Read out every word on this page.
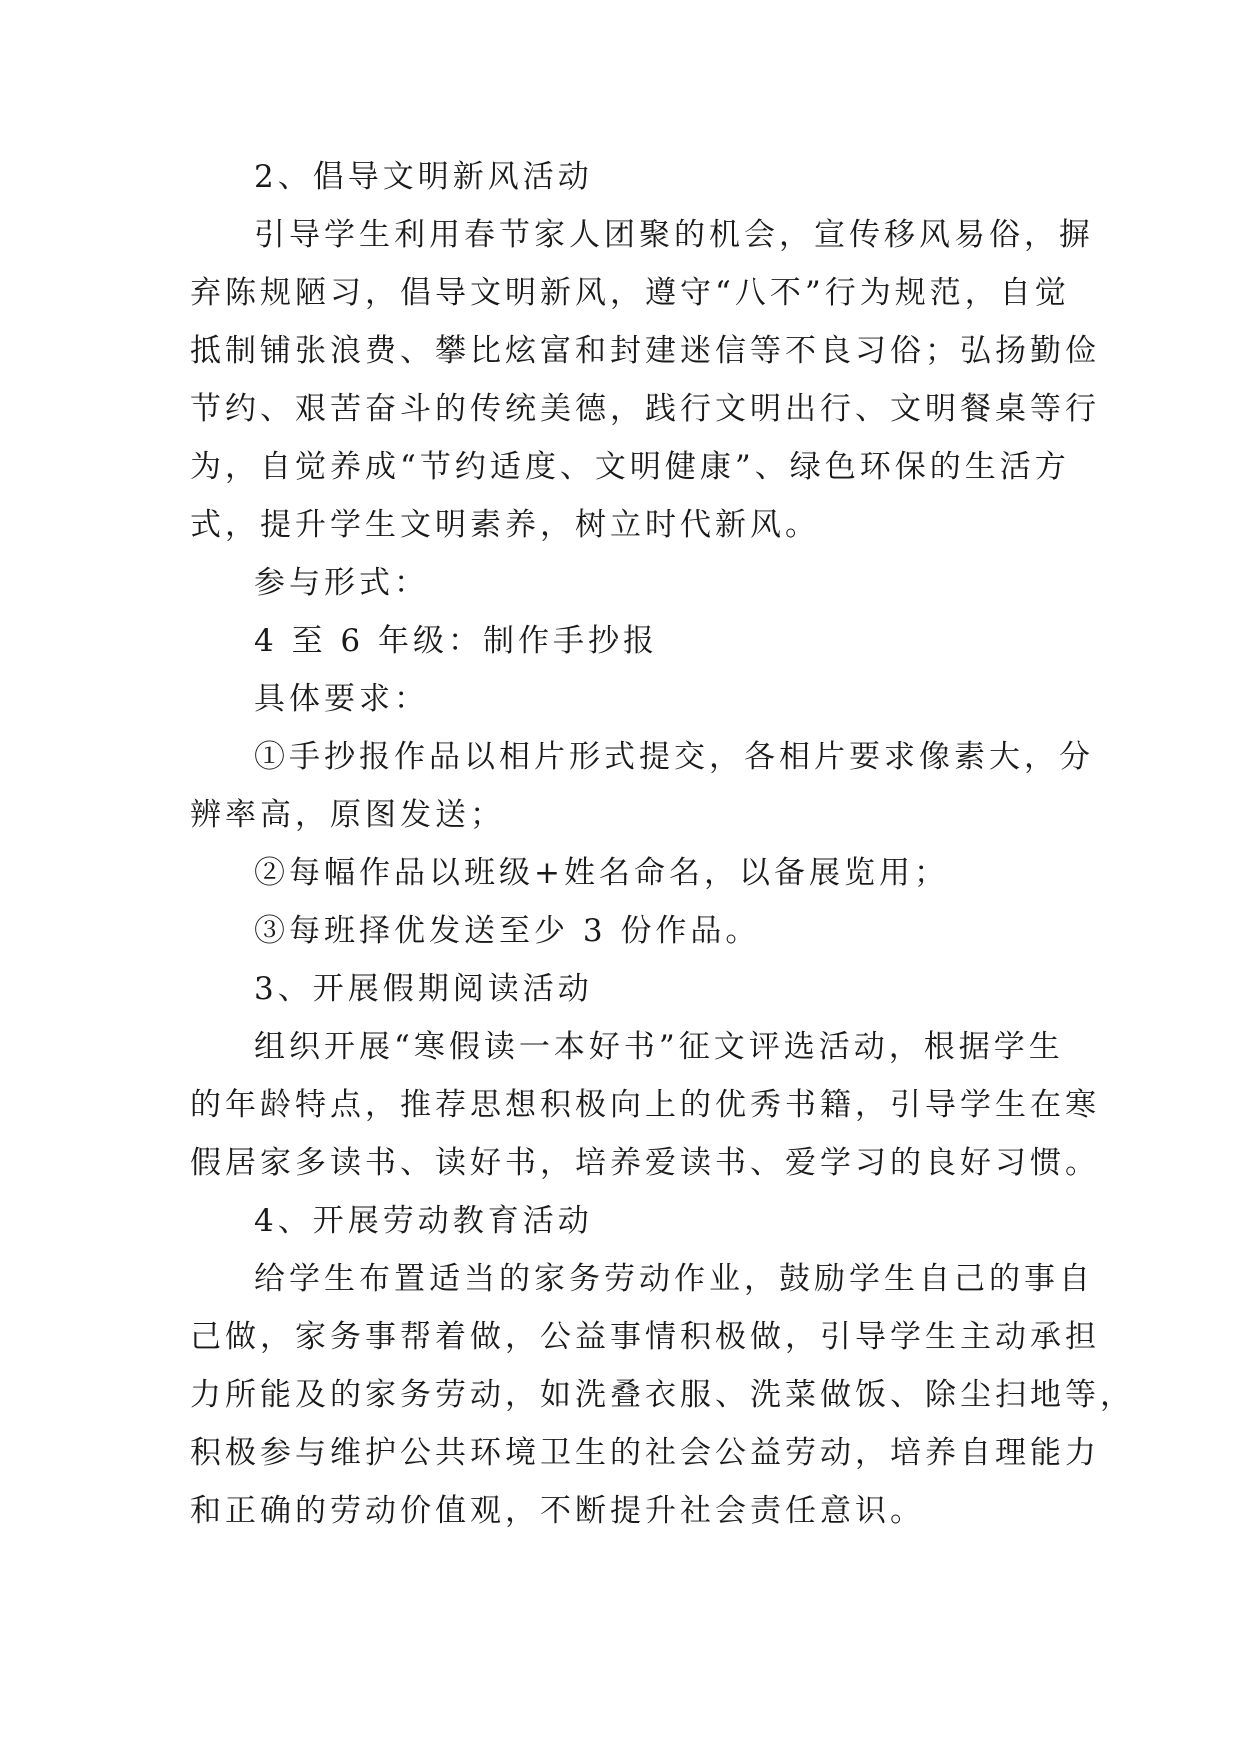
2、倡导文明新风活动

引导学生利用春节家人团聚的机会，宣传移风易俗，摒

弃陈规陋习，倡导文明新风，遵守“八不”行为规范，自觉

抵制铺张浪费、攀比炫富和封建迷信等不良习俗；弘扬勤俭

节约、艰苦奋斗的传统美德，践行文明出行、文明餐桌等行

为，自觉养成“节约适度、文明健康”、绿色环保的生活方

式，提升学生文明素养，树立时代新风。

参与形式：

4 至 6 年级：制作手抄报

具体要求：

①手抄报作品以相片形式提交，各相片要求像素大，分

辨率高，原图发送；

②每幅作品以班级+姓名命名，以备展览用；

③每班择优发送至少 3 份作品。

3、开展假期阅读活动

组织开展“寒假读一本好书”征文评选活动，根据学生

的年龄特点，推荐思想积极向上的优秀书籍，引导学生在寒

假居家多读书、读好书，培养爱读书、爱学习的良好习惯。

4、开展劳动教育活动

给学生布置适当的家务劳动作业，鼓励学生自己的事自

己做，家务事帮着做，公益事情积极做，引导学生主动承担

力所能及的家务劳动，如洗叠衣服、洗菜做饭、除尘扫地等，

积极参与维护公共环境卫生的社会公益劳动，培养自理能力

和正确的劳动价值观，不断提升社会责任意识。
